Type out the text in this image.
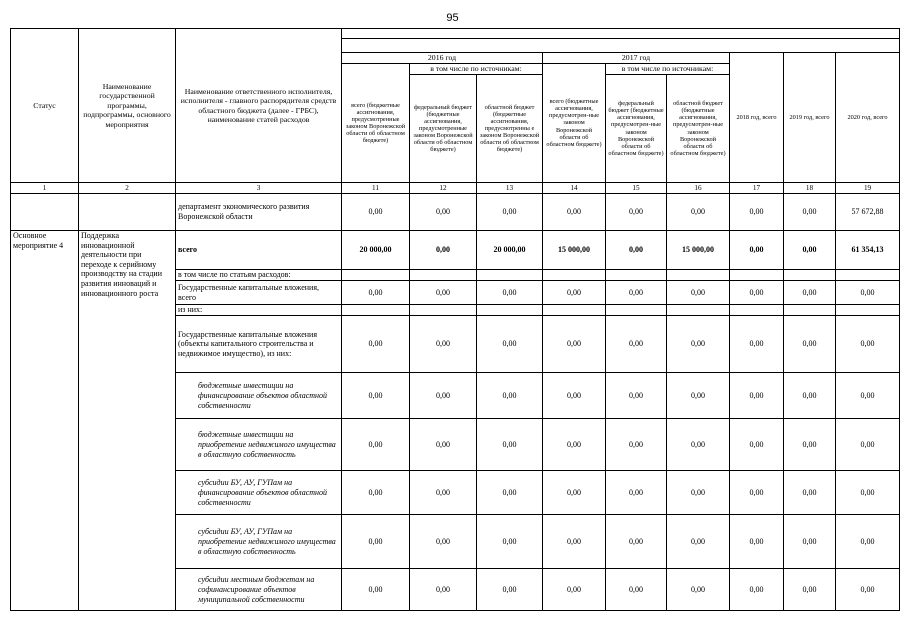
95
Статус	Наименование государственной программы, подпрограммы, основного мероприятия	Наименование ответственного исполнителя, исполнителя - главного распорядителя средств областного бюджета (далее - ГРБС), наименование статей расходов									

			2016 год			2017 год			2018 год, всего	2019 год, всего	2020 год, всего
			всего (бюджетные ассигнования, предусмотренные законом Воронежской области об областном бюджете)	в том числе по источникам:		всего (бюджетные ассигнования, предусмотрен-ные законом Воронежской области об областном бюджете)	в том числе по источникам:				
				федеральный бюджет (бюджетные ассигнования, предусмотренные законом Воронежской области об областном бюджете)	областной бюджет (бюджетные ассигнования, предусмотренны е законом Воронежской области об областном бюджете)		федеральный бюджет (бюджетные ассигнования, предусмотрен-ные законом Воронежской области об областном бюджете)	областной бюджет (бюджетные ассигнования, предусмотрен-ные законом Воронежской области об областном бюджете)			
1	2	3	11	12	13	14	15	16	17	18	19
		департамент экономического развития Воронежской области	0,00	0,00	0,00	0,00	0,00	0,00	0,00	0,00	57 672,88
Основное мероприятие 4	Поддержка инновационной деятельности при переходе к серийному производству на стадии развития инноваций и инновационного роста	всего	20 000,00	0,00	20 000,00	15 000,00	0,00	15 000,00	0,00	0,00	61 354,13
		в том числе по статьям расходов:									
		Государственные капитальные вложения, всего	0,00	0,00	0,00	0,00	0,00	0,00	0,00	0,00	0,00
		из них:									
		Государственные капитальные вложения (объекты капитального строительства и недвижимое имущество), из них:	0,00	0,00	0,00	0,00	0,00	0,00	0,00	0,00	0,00
		бюджетные инвестиции на финансирование объектов областной собственности	0,00	0,00	0,00	0,00	0,00	0,00	0,00	0,00	0,00
		бюджетные инвестиции на приобретение недвижимого имущества в областную собственность	0,00	0,00	0,00	0,00	0,00	0,00	0,00	0,00	0,00
		субсидии БУ, АУ, ГУПам на финансирование объектов областной собственности	0,00	0,00	0,00	0,00	0,00	0,00	0,00	0,00	0,00
		субсидии БУ, АУ, ГУПам на приобретение недвижимого имущества в областную собственность	0,00	0,00	0,00	0,00	0,00	0,00	0,00	0,00	0,00
		субсидии местным бюджетам на софинансирование объектов муниципальной собственности	0,00	0,00	0,00	0,00	0,00	0,00	0,00	0,00	0,00
